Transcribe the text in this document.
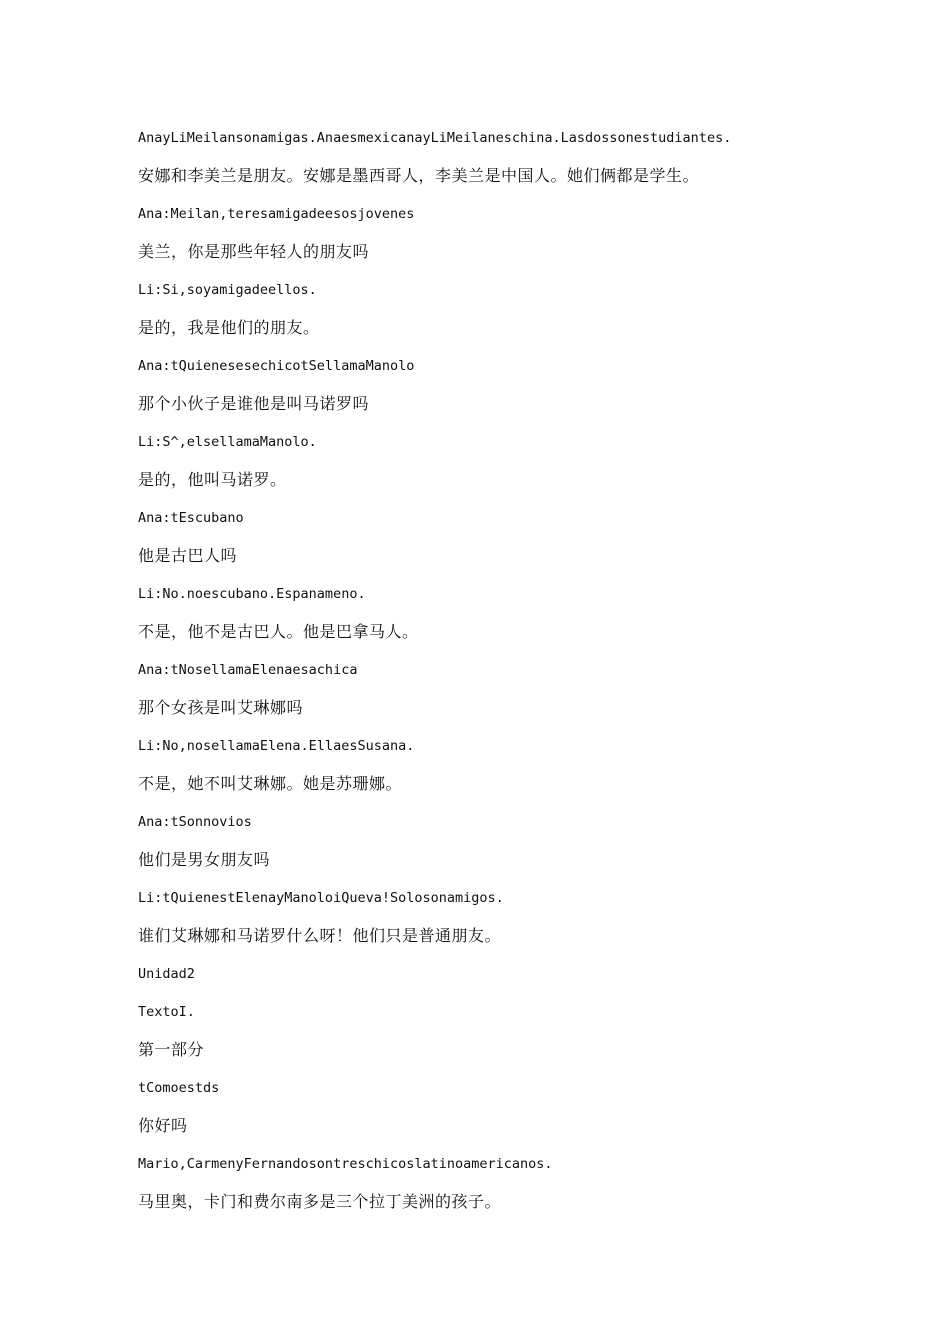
AnayLiMeilansonamigas.AnaesmexicanayLiMeilaneschina.Lasdossonestudiantes.

安娜和李美兰是朋友。安娜是墨西哥人，李美兰是中国人。她们俩都是学生。

Ana:Meilan,teresamigadeesosjovenes

美兰，你是那些年轻人的朋友吗

Li:Si,soyamigadeellos.

是的，我是他们的朋友。

Ana:tQuienesesechicotSellamaManolo

那个小伙子是谁他是叫马诺罗吗

Li:S^,elsellamaManolo.

是的，他叫马诺罗。

Ana:tEscubano

他是古巴人吗

Li:No.noescubano.Espanameno.

不是，他不是古巴人。他是巴拿马人。

Ana:tNosellamaElenaesachica

那个女孩是叫艾琳娜吗

Li:No,nosellamaElena.EllaesSusana.

不是，她不叫艾琳娜。她是苏珊娜。

Ana:tSonnovios

他们是男女朋友吗

Li:tQuienestElenayManoloiQueva!Solosonamigos.

谁们艾琳娜和马诺罗什么呀！他们只是普通朋友。

Unidad2

TextoI.

第一部分

tComoestds

你好吗

Mario,CarmenyFernandosontreschicoslatinoamericanos.

马里奥，卡门和费尔南多是三个拉丁美洲的孩子。
